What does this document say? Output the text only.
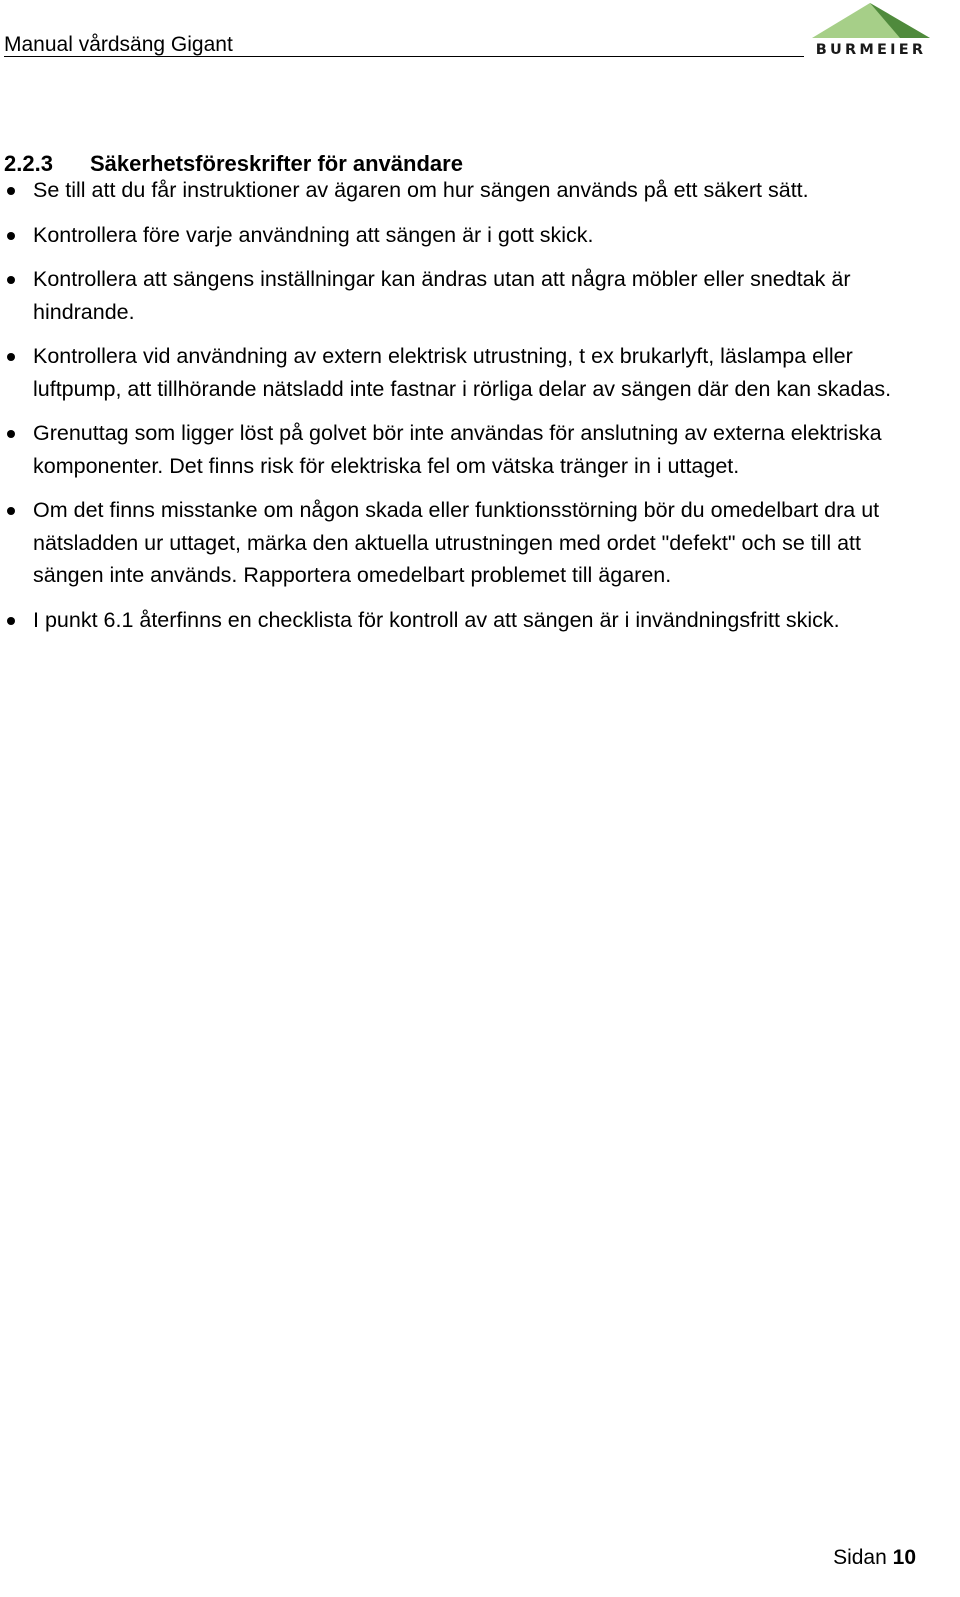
Manual vårdsäng Gigant	BURMEIER
2.2.3 Säkerhetsföreskrifter för användare
Se till att du får instruktioner av ägaren om hur sängen används på ett säkert sätt.
Kontrollera före varje användning att sängen är i gott skick.
Kontrollera att sängens inställningar kan ändras utan att några möbler eller snedtak är hindrande.
Kontrollera vid användning av extern elektrisk utrustning, t ex brukarlyft, läslampa eller luftpump, att tillhörande nätsladd inte fastnar i rörliga delar av sängen där den kan skadas.
Grenuttag som ligger löst på golvet bör inte användas för anslutning av externa elektriska komponenter. Det finns risk för elektriska fel om vätska tränger in i uttaget.
Om det finns misstanke om någon skada eller funktionsstörning bör du omedelbart dra ut nätsladden ur uttaget, märka den aktuella utrustningen med ordet "defekt" och se till att sängen inte används. Rapportera omedelbart problemet till ägaren.
I punkt 6.1 återfinns en checklista för kontroll av att sängen är i invändningsfritt skick.
Sidan 10
